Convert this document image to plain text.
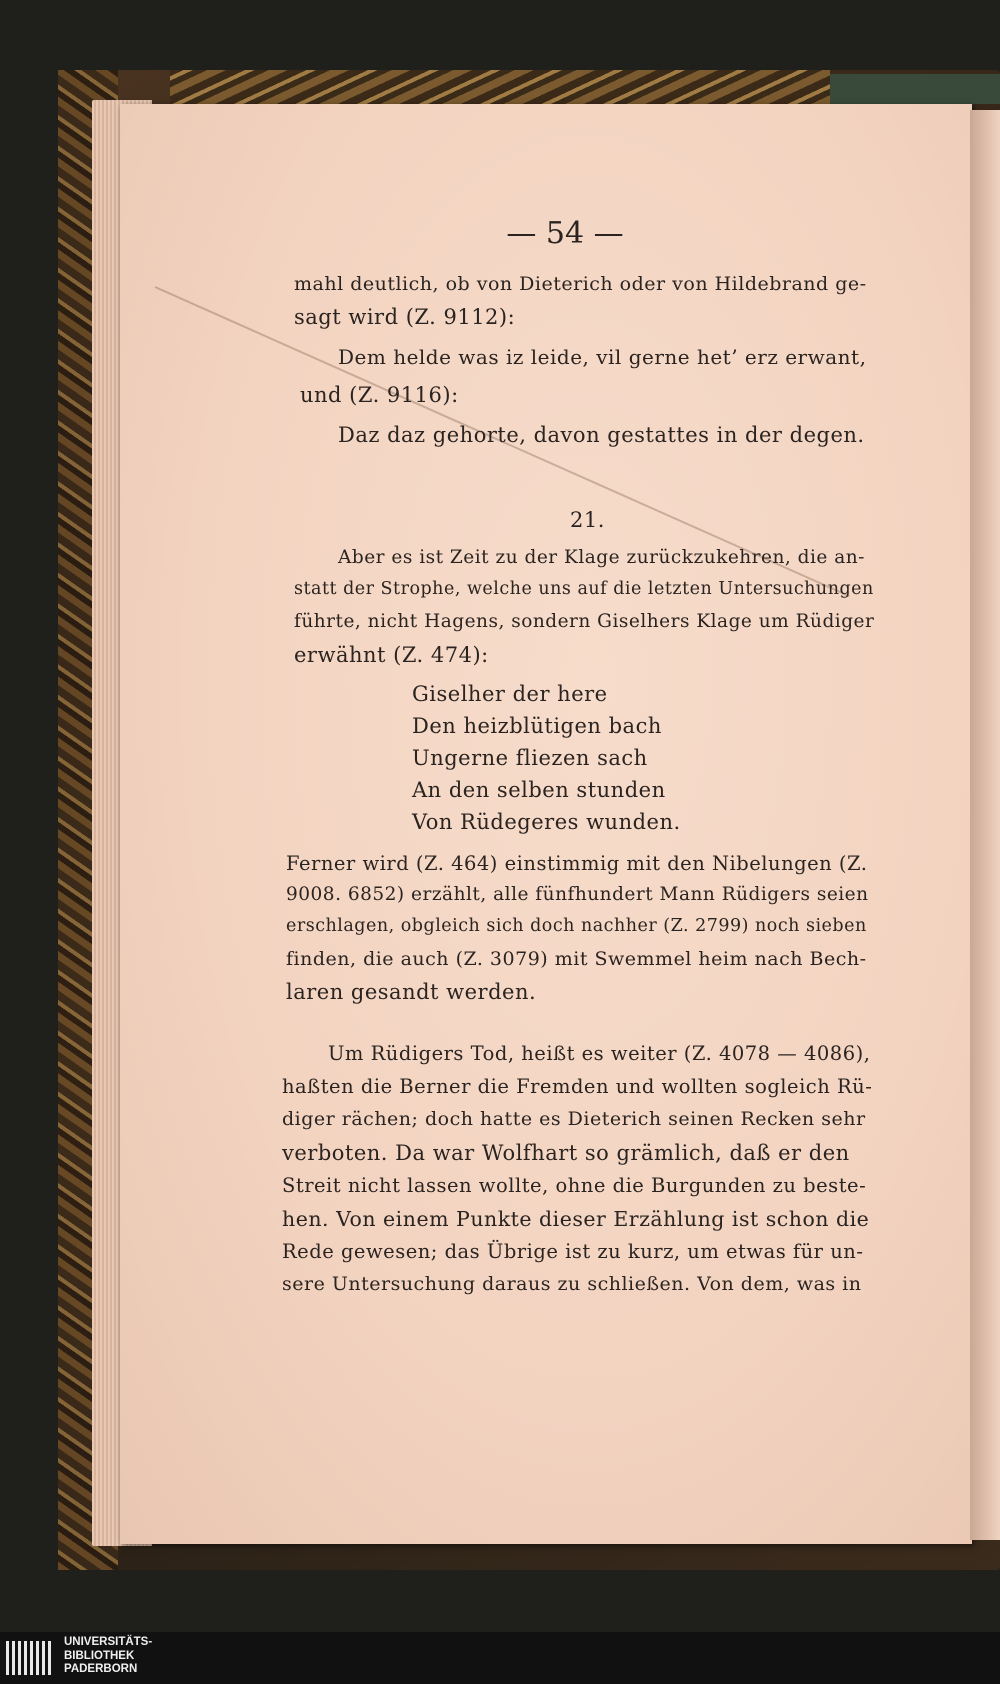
— 54 —
mahl deutlich, ob von Dieterich oder von Hildebrand ge-
sagt wird (Z. 9112):
Dem helde was iz leide, vil gerne het’ erz erwant,
und (Z. 9116):
Daz daz gehorte, davon gestattes in der degen.
21.
Aber es ist Zeit zu der Klage zurückzukehren, die an-
statt der Strophe, welche uns auf die letzten Untersuchungen
führte, nicht Hagens, sondern Giselhers Klage um Rüdiger
erwähnt (Z. 474):
Giselher der here
Den heizblütigen bach
Ungerne fliezen sach
An den selben stunden
Von Rüdegeres wunden.
Ferner wird (Z. 464) einstimmig mit den Nibelungen (Z.
9008. 6852) erzählt, alle fünfhundert Mann Rüdigers seien
erschlagen, obgleich sich doch nachher (Z. 2799) noch sieben
finden, die auch (Z. 3079) mit Swemmel heim nach Bech-
laren gesandt werden.
Um Rüdigers Tod, heißt es weiter (Z. 4078 — 4086),
haßten die Berner die Fremden und wollten sogleich Rü-
diger rächen; doch hatte es Dieterich seinen Recken sehr
verboten. Da war Wolfhart so grämlich, daß er den
Streit nicht lassen wollte, ohne die Burgunden zu beste-
hen. Von einem Punkte dieser Erzählung ist schon die
Rede gewesen; das Übrige ist zu kurz, um etwas für un-
sere Untersuchung daraus zu schließen. Von dem, was in
UNIVERSITÄTS-
BIBLIOTHEK
PADERBORN
